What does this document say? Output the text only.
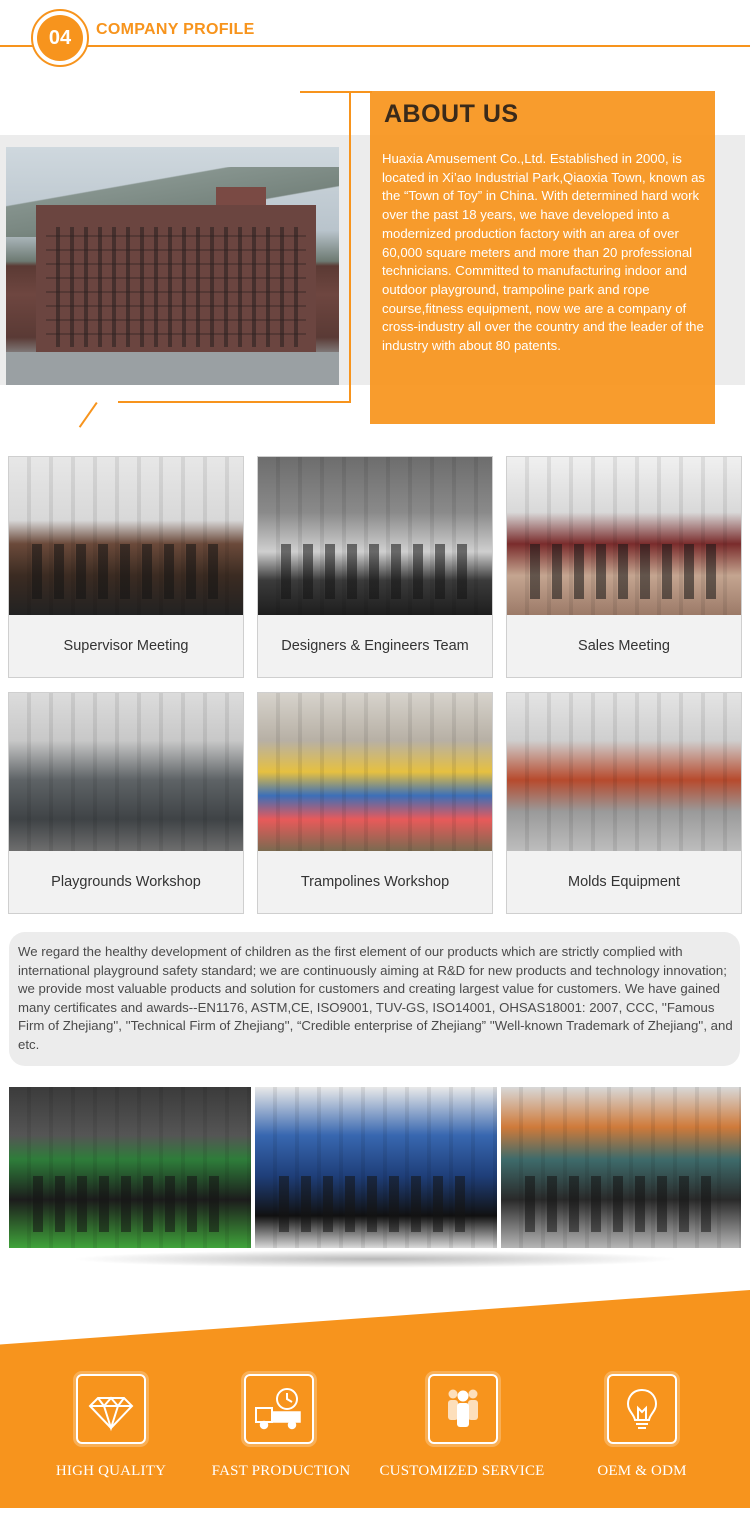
04	COMPANY PROFILE
ABOUT US
Huaxia Amusement Co.,Ltd. Established in 2000, is located in Xi’ao Industrial Park,Qiaoxia Town, known as the “Town of Toy” in China. With determined hard work over the past 18 years, we have developed into a modernized production factory with an area of over 60,000 square meters and more than 20 professional technicians. Committed to manufacturing indoor and outdoor playground, trampoline park and rope course,fitness equipment, now we are a company of cross-industry all over the country and the leader of the industry with about 80 patents.
Supervisor Meeting	Designers & Engineers Team	Sales Meeting
Playgrounds Workshop	Trampolines Workshop	Molds Equipment
We regard the healthy development of children as the first element of our products which are strictly complied with international playground safety standard; we are continuously aiming at R&D for new products and technology innovation; we provide most valuable products and solution for customers and creating largest value for customers. We have gained many certificates and awards--EN1176, ASTM,CE, ISO9001, TUV-GS, ISO14001, OHSAS18001: 2007, CCC, ''Famous Firm of Zhejiang'', ''Technical Firm of Zhejiang'', “Credible enterprise of Zhejiang” ''Well-known Trademark of Zhejiang'', and etc.
HIGH QUALITY	FAST PRODUCTION	CUSTOMIZED SERVICE	OEM & ODM
